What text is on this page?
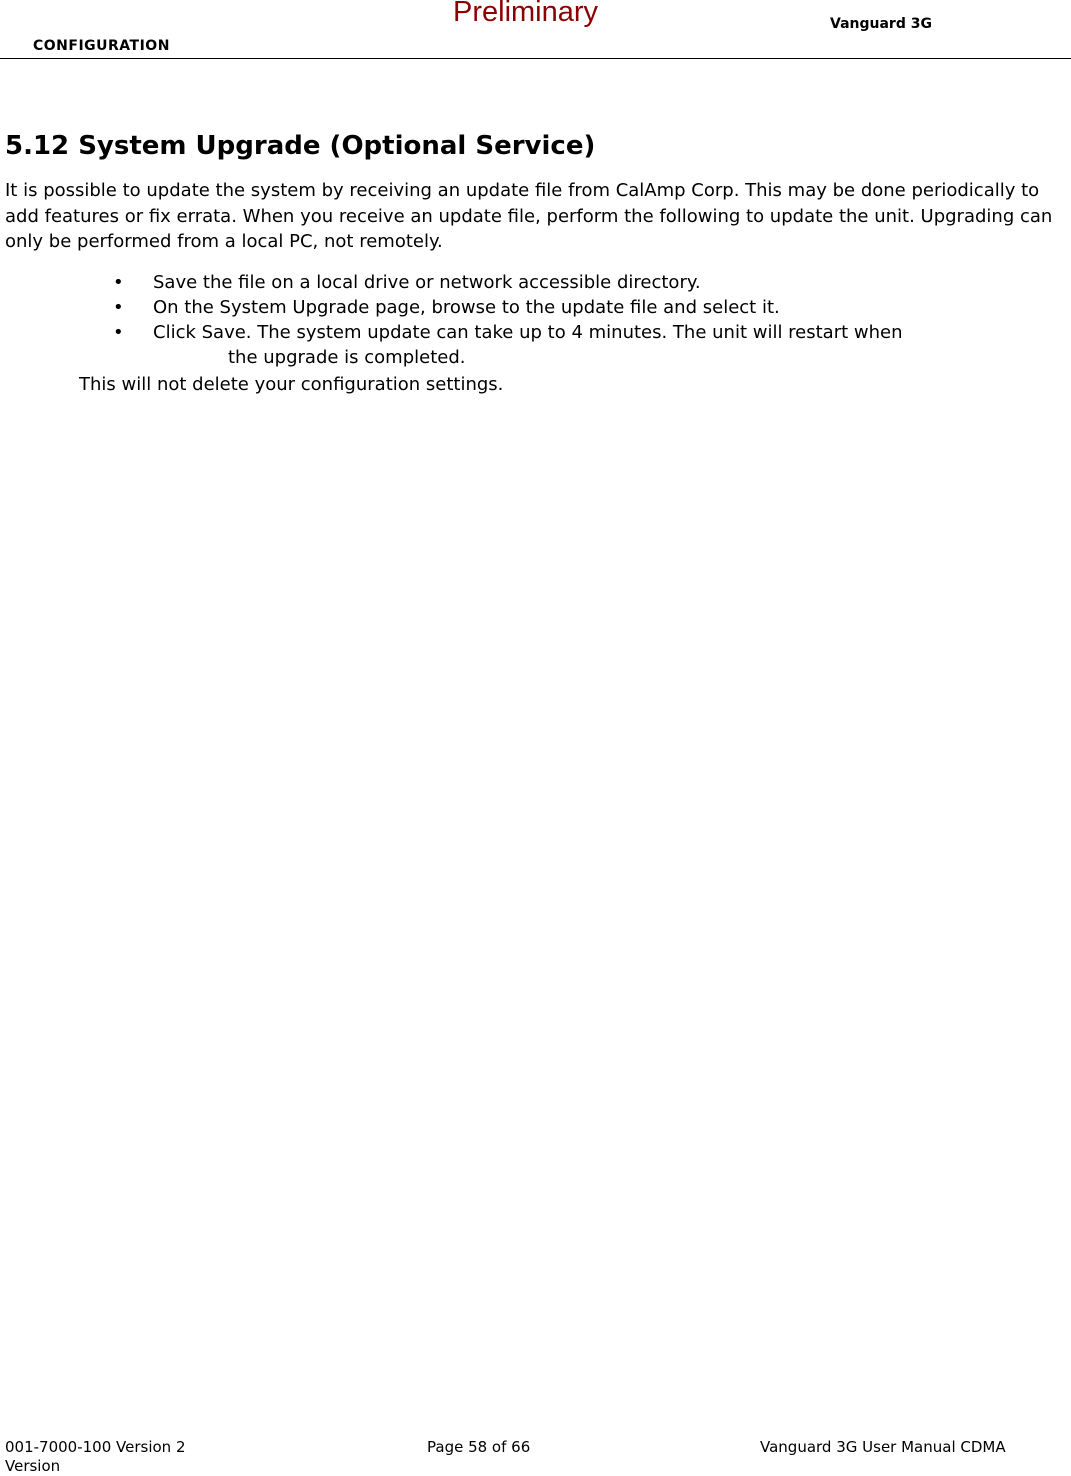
Preliminary
CONFIGURATION
Vanguard 3G
5.12 System Upgrade (Optional Service)

It is possible to update the system by receiving an update file from CalAmp Corp. This may be done periodically to add features or fix errata. When you receive an update file, perform the following to update the unit. Upgrading can only be performed from a local PC, not remotely.

• Save the file on a local drive or network accessible directory.
• On the System Upgrade page, browse to the update file and select it.
• Click Save. The system update can take up to 4 minutes. The unit will restart when
the upgrade is completed.
This will not delete your configuration settings.
001-7000-100 Version 2	Page 58 of 66	Vanguard 3G User Manual CDMA
Version
